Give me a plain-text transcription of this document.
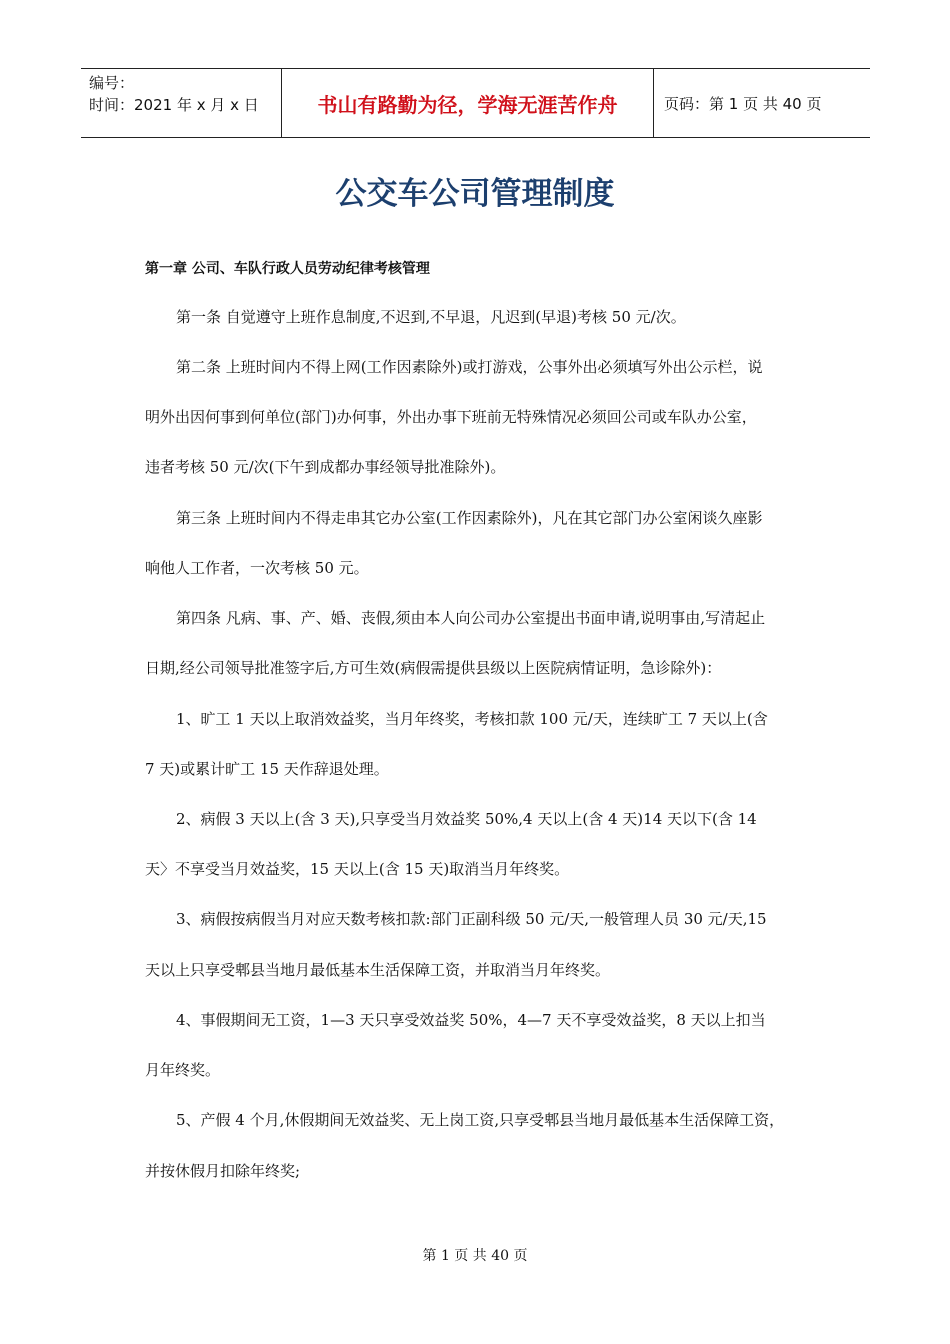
编号：
时间：2021 年 x 月 x 日	书山有路勤为径，学海无涯苦作舟	页码：第 1 页 共 40 页
公交车公司管理制度
第一章 公司、车队行政人员劳动纪律考核管理
第一条 自觉遵守上班作息制度,不迟到,不早退，凡迟到(早退)考核 50 元/次。
第二条 上班时间内不得上网(工作因素除外)或打游戏，公事外出必须填写外出公示栏，说
明外出因何事到何单位(部门)办何事，外出办事下班前无特殊情况必须回公司或车队办公室，
违者考核 50 元/次(下午到成都办事经领导批准除外)。
第三条 上班时间内不得走串其它办公室(工作因素除外)，凡在其它部门办公室闲谈久座影
响他人工作者，一次考核 50 元。
第四条 凡病、事、产、婚、丧假,须由本人向公司办公室提出书面申请,说明事由,写清起止
日期,经公司领导批准签字后,方可生效(病假需提供县级以上医院病情证明，急诊除外)：
1、旷工 1 天以上取消效益奖，当月年终奖，考核扣款 100 元/天，连续旷工 7 天以上(含
7 天)或累计旷工 15 天作辞退处理。
2、病假 3 天以上(含 3 天),只享受当月效益奖 50%,4 天以上(含 4 天)14 天以下(含 14
天〉不享受当月效益奖，15 天以上(含 15 天)取消当月年终奖。
3、病假按病假当月对应天数考核扣款:部门正副科级 50 元/天,一般管理人员 30 元/天,15
天以上只享受郫县当地月最低基本生活保障工资，并取消当月年终奖。
4、事假期间无工资，1—3 天只享受效益奖 50%，4—7 天不享受效益奖，8 天以上扣当
月年终奖。
5、产假 4 个月,休假期间无效益奖、无上岗工资,只享受郫县当地月最低基本生活保障工资，
并按休假月扣除年终奖;
第 1 页 共 40 页
